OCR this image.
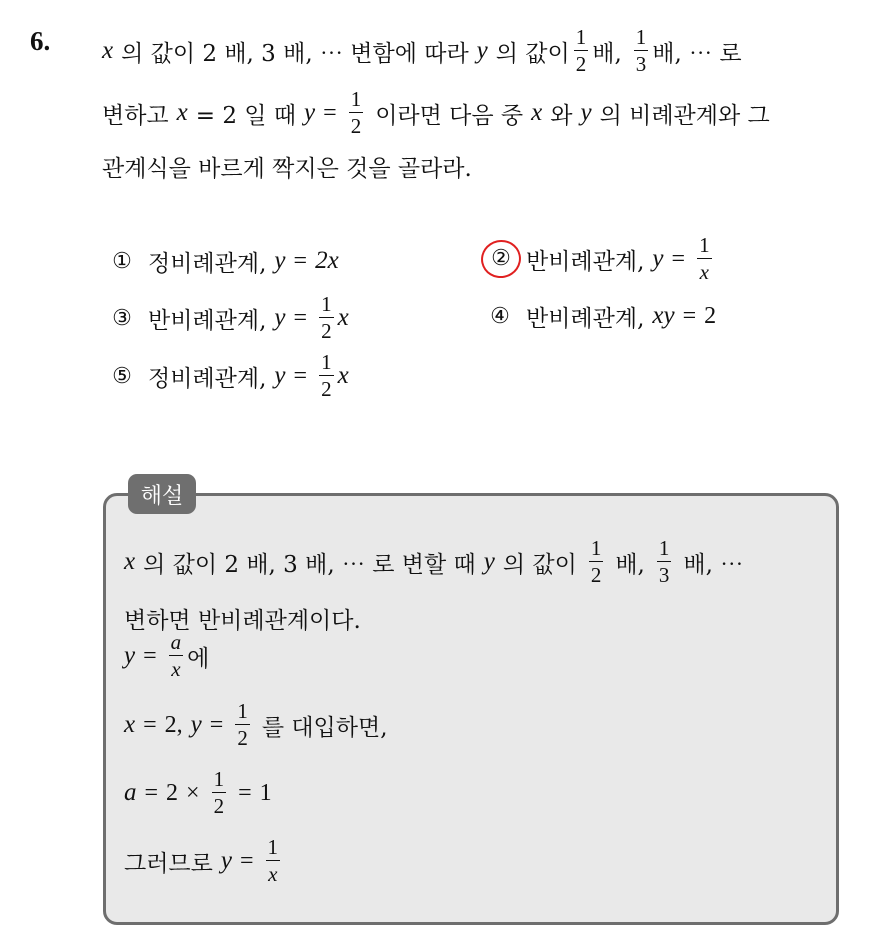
6. x 의 값이 2 배, 3 배, ⋯ 변함에 따라 y 의 값이 $\frac{1}{2}$ 배, $\frac{1}{3}$ 배, ⋯ 로
변하고 x = 2 일 때 $y = \frac{1}{2}$ 이라면 다음 중 x 와 y 의 비례관계와 그
관계식을 바르게 짝지은 것을 골라라.
① 정비례관계, y = 2x	② 반비례관계, $y = \frac{1}{x}$
③ 반비례관계, $y = \frac{1}{2}$ x	④ 반비례관계, xy = 2
⑤ 정비례관계, $y = \frac{1}{2}$ x
해설
x 의 값이 2 배, 3 배, ⋯ 로 변할 때 y 의 값이 $\frac{1}{2}$ 배, $\frac{1}{3}$ 배, ⋯
변하면 반비례관계이다.
$y = \frac{a}{x}$ 에
x = 2, $y = \frac{1}{2}$ 를 대입하면,
$a = 2 \times \frac{1}{2} = 1$
그러므로 $y = \frac{1}{x}$
